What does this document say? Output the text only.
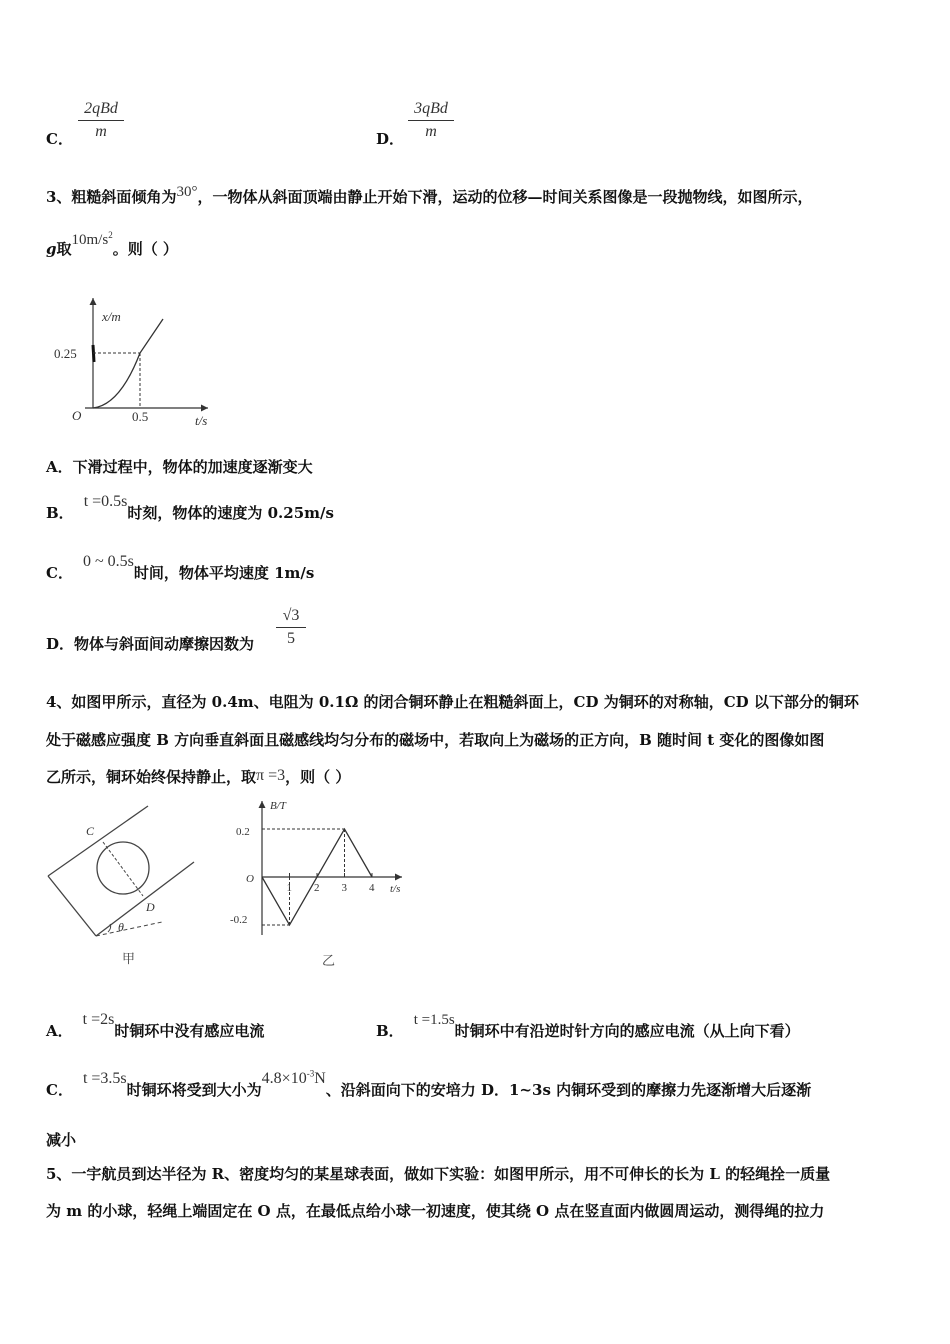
C．
2qBd
m	D．
3qBd
m
3、粗糙斜面倾角为30°，一物体从斜面顶端由静止开始下滑，运动的位移—时间关系图像是一段抛物线，如图所示，
g取$10m/s^2$。则（ ）
x/m
0.25
O	0.5	t/s
A．下滑过程中，物体的加速度逐渐变大
B．t =0.5s时刻，物体的速度为 0.25m/s
C．0 ~ 0.5s时间，物体平均速度 1m/s
D．物体与斜面间动摩擦因数为
√3
5
4、如图甲所示，直径为 0.4m、电阻为 0.1Ω 的闭合铜环静止在粗糙斜面上，CD 为铜环的对称轴，CD 以下部分的铜环
处于磁感应强度 B 方向垂直斜面且磁感线均匀分布的磁场中，若取向上为磁场的正方向，B 随时间 t 变化的图像如图
乙所示，铜环始终保持静止，取π =3，则（ ）
C
D
θ
甲
1 2 3 4
B/T
0.2
O
-0.2
t/s
乙
A．t =2s时铜环中没有感应电流	B．t =1.5s时铜环中有沿逆时针方向的感应电流（从上向下看）
C．t =3.5s时铜环将受到大小为$4.8\times 10^{-3}N$、沿斜面向下的安培力 D．1~3s 内铜环受到的摩擦力先逐渐增大后逐渐
减小
5、一宇航员到达半径为 R、密度均匀的某星球表面，做如下实验：如图甲所示，用不可伸长的长为 L 的轻绳拴一质量
为 m 的小球，轻绳上端固定在 O 点，在最低点给小球一初速度，使其绕 O 点在竖直面内做圆周运动，测得绳的拉力
